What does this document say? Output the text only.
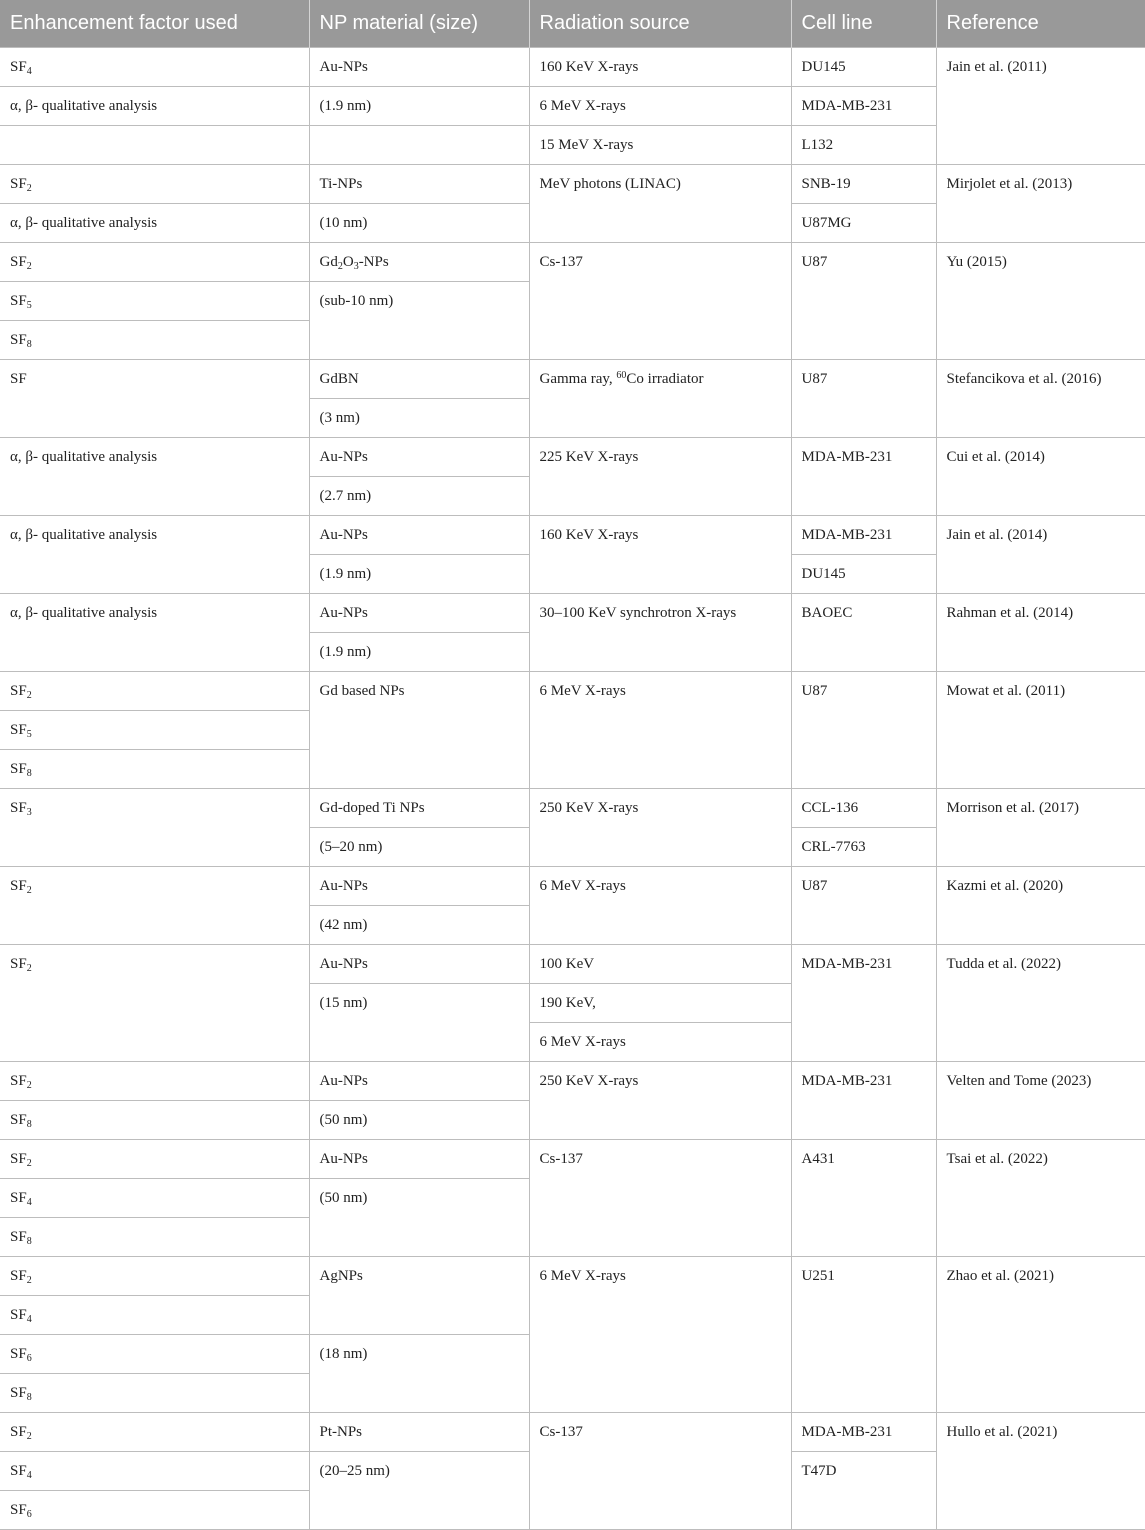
Enhancement factor used	NP material (size)	Radiation source	Cell line	Reference
$SF_4$	Au-NPs	160 KeV X-rays	DU145	Jain et al. (2011)
α, β- qualitative analysis	(1.9 nm)	6 MeV X-rays	MDA-MB-231	
		15 MeV X-rays	L132	
$SF_2$	Ti-NPs	MeV photons (LINAC)	SNB-19	Mirjolet et al. (2013)
α, β- qualitative analysis	(10 nm)		U87MG	
$SF_2$	$Gd_2O_3$-NPs	Cs-137	U87	Yu (2015)
$SF_5$	(sub-10 nm)			
$SF_8$
SF	GdBN	Gamma ray, $^{60}$Co irradiator	U87	Stefancikova et al. (2016)
	(3 nm)			
α, β- qualitative analysis	Au-NPs	225 KeV X-rays	MDA-MB-231	Cui et al. (2014)
	(2.7 nm)			
α, β- qualitative analysis	Au-NPs	160 KeV X-rays	MDA-MB-231	Jain et al. (2014)
	(1.9 nm)		DU145	
α, β- qualitative analysis	Au-NPs	30–100 KeV synchrotron X-rays	BAOEC	Rahman et al. (2014)
	(1.9 nm)			
$SF_2$	Gd based NPs	6 MeV X-rays	U87	Mowat et al. (2011)
$SF_5$
$SF_8$
$SF_3$	Gd-doped Ti NPs	250 KeV X-rays	CCL-136	Morrison et al. (2017)
	(5–20 nm)		CRL-7763	
$SF_2$	Au-NPs	6 MeV X-rays	U87	Kazmi et al. (2020)
	(42 nm)			
$SF_2$	Au-NPs	100 KeV	MDA-MB-231	Tudda et al. (2022)
	(15 nm)	190 KeV,		
		6 MeV X-rays		
$SF_2$	Au-NPs	250 KeV X-rays	MDA-MB-231	Velten and Tome (2023)
$SF_8$	(50 nm)			
$SF_2$	Au-NPs	Cs-137	A431	Tsai et al. (2022)
$SF_4$	(50 nm)			
$SF_8$
$SF_2$	AgNPs	6 MeV X-rays	U251	Zhao et al. (2021)
$SF_4$
$SF_6$	(18 nm)			
$SF_8$
$SF_2$	Pt-NPs	Cs-137	MDA-MB-231	Hullo et al. (2021)
$SF_4$	(20–25 nm)		T47D	
$SF_6$
